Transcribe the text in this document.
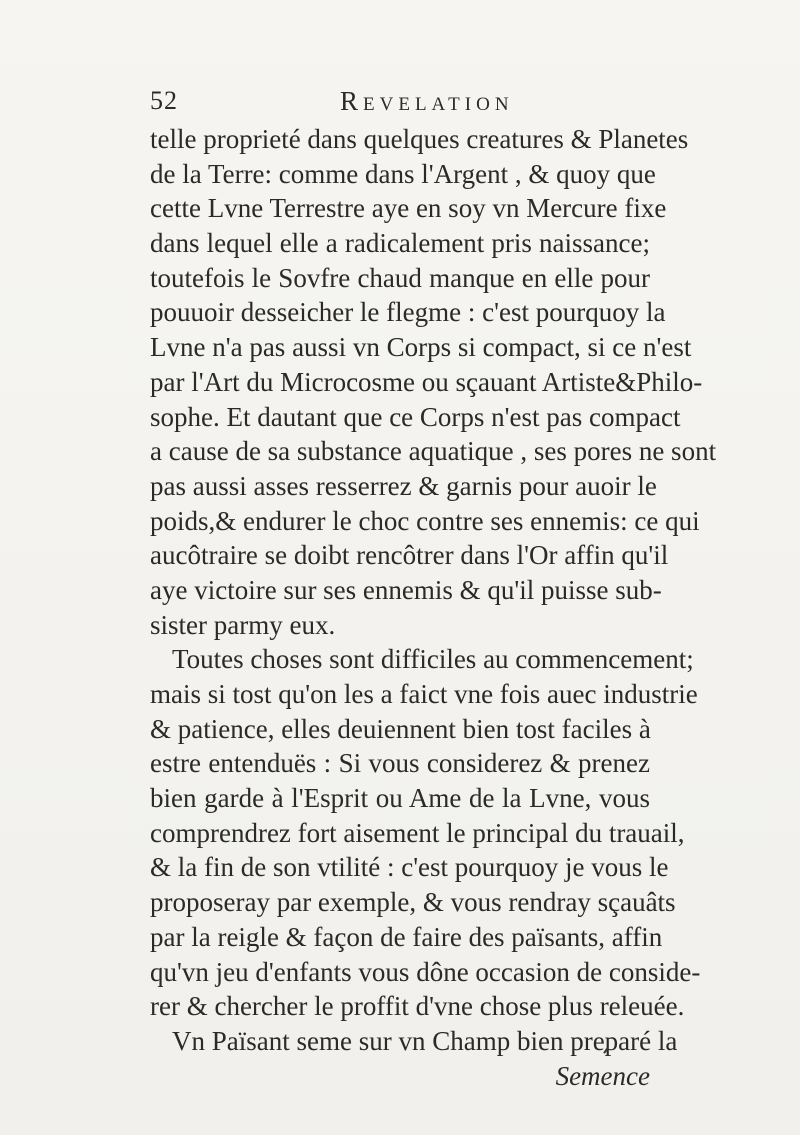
52	Revelation
telle proprieté dans quelques creatures & Planetes
de la Terre: comme dans l'Argent , & quoy que
cette Lvne Terrestre aye en soy vn Mercure fixe
dans lequel elle a radicalement pris naissance;
toutefois le Sovfre chaud manque en elle pour
pouuoir desseicher le flegme : c'est pourquoy la
Lvne n'a pas aussi vn Corps si compact, si ce n'est
par l'Art du Microcosme ou sçauant Artiste&Philo-
sophe. Et dautant que ce Corps n'est pas compact
a cause de sa substance aquatique , ses pores ne sont
pas aussi asses resserrez & garnis pour auoir le
poids,& endurer le choc contre ses ennemis: ce qui
aucôtraire se doibt rencôtrer dans l'Or affin qu'il
aye victoire sur ses ennemis & qu'il puisse sub-
sister parmy eux.
Toutes choses sont difficiles au commencement;
mais si tost qu'on les a faict vne fois auec industrie
& patience, elles deuiennent bien tost faciles à
estre entenduës : Si vous considerez & prenez
bien garde à l'Esprit ou Ame de la Lvne, vous
comprendrez fort aisement le principal du trauail,
& la fin de son vtilité : c'est pourquoy je vous le
proposeray par exemple, & vous rendray sçauâts
par la reigle & façon de faire des païsants, affin
qu'vn jeu d'enfants vous dône occasion de conside-
rer & chercher le proffit d'vne chose plus releuée.
Vn Païsant seme sur vn Champ bien preparé la
Semence
